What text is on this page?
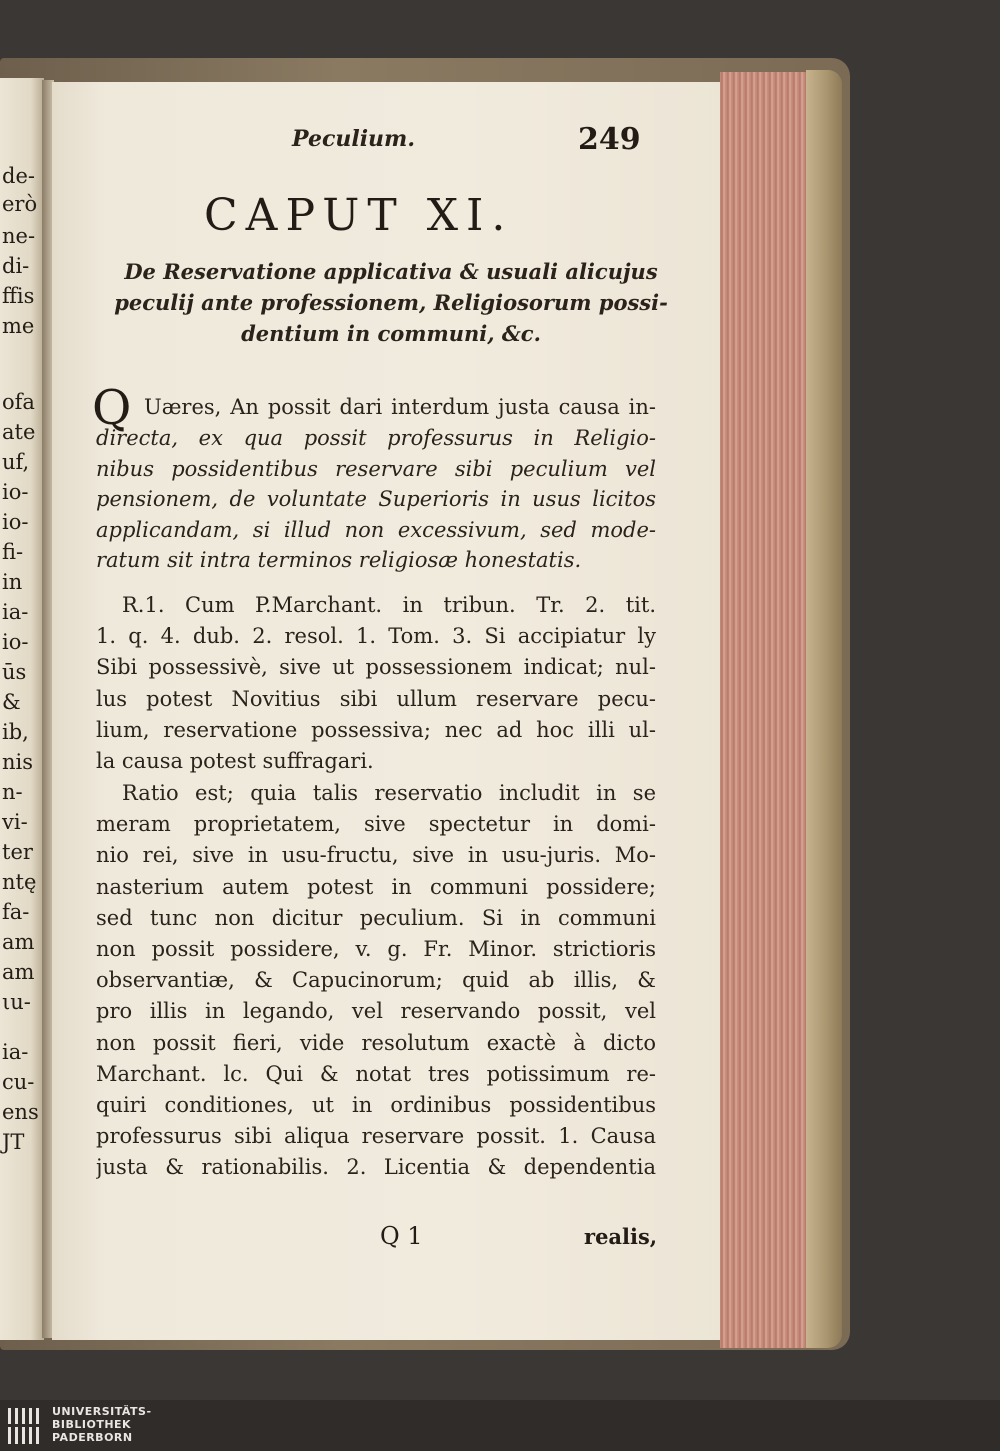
de-
erò
ne-
di-
ffis
me
ofa
ate
uf,
io-
io-
fi-
in
ia-
io-
ūs
&
ib,
nis
n-
vi-
ter
ntę
fa-
am
am
ιu-
ia-
cu-
ens
JT
Peculium.	249
CAPUT XI.
De Reservatione applicativa & usuali alicujus
peculij ante professionem, Religiosorum possi-
dentium in communi, &c.
Q Uæres, An possit dari interdum justa causa in-
directa, ex qua possit professurus in Religio-
nibus possidentibus reservare sibi peculium vel
pensionem, de voluntate Superioris in usus licitos
applicandam, si illud non excessivum, sed mode-
ratum sit intra terminos religiosæ honestatis.
R.1. Cum P.Marchant. in tribun. Tr. 2. tit.
1. q. 4. dub. 2. resol. 1. Tom. 3. Si accipiatur ly
Sibi possessivè, sive ut possessionem indicat; nul-
lus potest Novitius sibi ullum reservare pecu-
lium, reservatione possessiva; nec ad hoc illi ul-
la causa potest suffragari.
Ratio est; quia talis reservatio includit in se
meram proprietatem, sive spectetur in domi-
nio rei, sive in usu-fructu, sive in usu-juris. Mo-
nasterium autem potest in communi possidere;
sed tunc non dicitur peculium. Si in communi
non possit possidere, v. g. Fr. Minor. strictioris
observantiæ, & Capucinorum; quid ab illis, &
pro illis in legando, vel reservando possit, vel
non possit fieri, vide resolutum exactè à dicto
Marchant. lc. Qui & notat tres potissimum re-
quiri conditiones, ut in ordinibus possidentibus
professurus sibi aliqua reservare possit. 1. Causa
justa & rationabilis. 2. Licentia & dependentia
Q 1	realis,
UNIVERSITÄTS-
BIBLIOTHEK
PADERBORN
